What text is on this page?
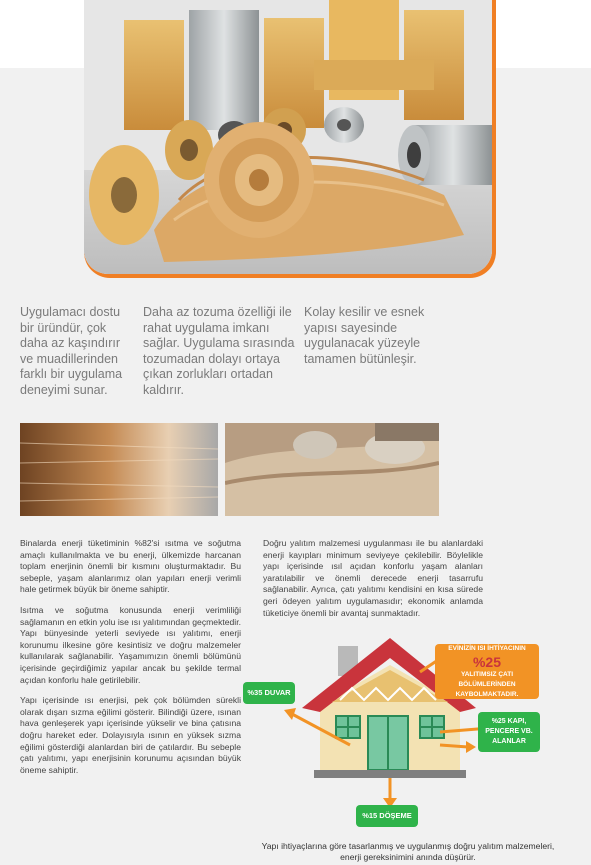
Uygulamacı dostu bir üründür, çok daha az kaşındırır ve muadillerinden farklı bir uygulama deneyimi sunar.

Daha az tozuma özelliği ile rahat uygulama imkanı sağlar. Uygulama sırasında tozumadan dolayı ortaya çıkan zorlukları ortadan kaldırır.

Kolay kesilir ve esnek yapısı sayesinde uygulanacak yüzeyle tamamen bütünleşir.

Binalarda enerji tüketiminin %82'si ısıtma ve soğutma amaçlı kullanılmakta ve bu enerji, ülkemizde harcanan toplam enerjinin önemli bir kısmını oluşturmaktadır. Bu sebeple, yaşam alanlarımız olan yapıları enerji verimli hale getirmek büyük bir öneme sahiptir.

Isıtma ve soğutma konusunda enerji verimliliği sağlamanın en etkin yolu ise ısı yalıtımından geçmektedir. Yapı bünyesinde yeterli seviyede ısı yalıtımı, enerji korunumu ilkesine göre kesintisiz ve doğru malzemeler kullanılarak sağlanabilir. Yaşamımızın önemli bölümünü içerisinde geçirdiğimiz yapılar ancak bu şekilde termal açıdan konforlu hale getirilebilir.

Yapı içerisinde ısı enerjisi, pek çok bölümden sürekli olarak dışarı sızma eğilimi gösterir. Bilindiği üzere, ısınan hava genleşerek yapı içerisinde yükselir ve bina çatısına doğru hareket eder. Dolayısıyla ısının en yüksek sızma eğilimi gösterdiği alanlardan biri de çatılardır. Bu sebeple çatı yalıtımı, yapı enerjisinin korunumu açısından büyük öneme sahiptir.

Doğru yalıtım malzemesi uygulanması ile bu alanlardaki enerji kayıpları minimum seviyeye çekilebilir. Böylelikle yapı içerisinde ısıl açıdan konforlu yaşam alanları yaratılabilir ve önemli derecede enerji tasarrufu sağlanabilir. Ayrıca, çatı yalıtımı kendisini en kısa sürede geri ödeyen yalıtım uygulamasıdır; ekonomik anlamda tüketiciye önemli bir avantaj sunmaktadır.

EVİNİZİN ISI İHTİYACININ
%25
YALITIMSIZ ÇATI BÖLÜMLERİNDEN KAYBOLMAKTADIR.
%35 DUVAR
%25 KAPI, PENCERE VB. ALANLAR
%15 DÖŞEME

Yapı ihtiyaçlarına göre tasarlanmış ve uygulanmış doğru yalıtım malzemeleri, enerji gereksinimini anında düşürür.
